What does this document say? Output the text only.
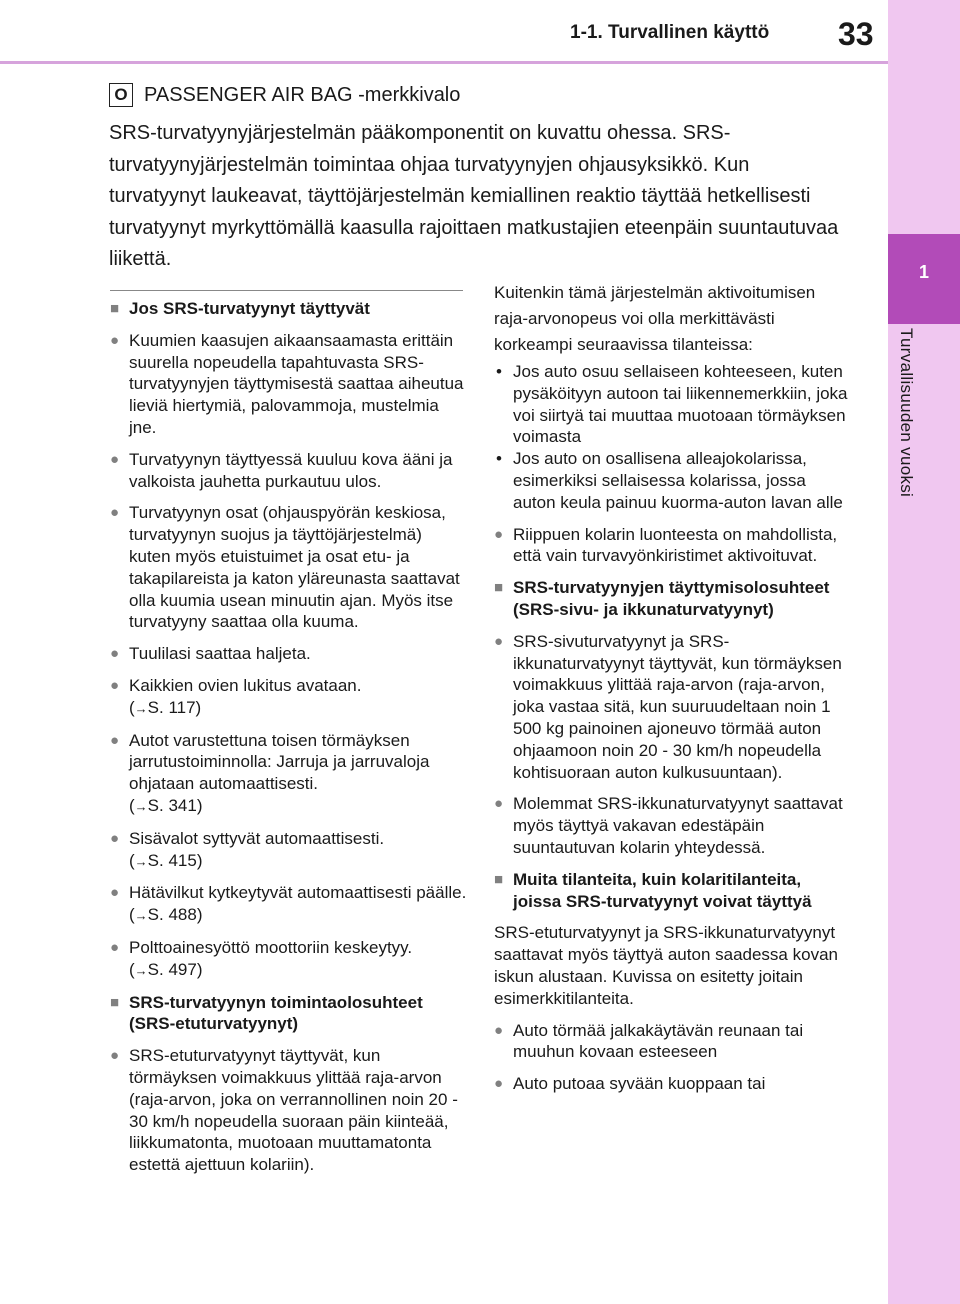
1-1. Turvallinen käyttö 33
1
Turvallisuuden vuoksi
O PASSENGER AIR BAG -merkkivalo

SRS-turvatyynyjärjestelmän pääkomponentit on kuvattu ohessa. SRS-turvatyynyjärjestelmän toimintaa ohjaa turvatyynyjen ohjausyksikkö. Kun turvatyynyt laukeavat, täyttöjärjestelmän kemiallinen reaktio täyttää hetkellisesti turvatyynyt myrkyttömällä kaasulla rajoittaen matkustajien eteenpäin suuntautuvaa liikettä.

■ Jos SRS-turvatyynyt täyttyvät
● Kuumien kaasujen aikaansaamasta erittäin suurella nopeudella tapahtuvasta SRS-turvatyynyjen täyttymisestä saattaa aiheutua lieviä hiertymiä, palovammoja, mustelmia jne.
● Turvatyynyn täyttyessä kuuluu kova ääni ja valkoista jauhetta purkautuu ulos.
● Turvatyynyn osat (ohjauspyörän keskiosa, turvatyynyn suojus ja täyttöjärjestelmä) kuten myös etuistuimet ja osat etu- ja takapilareista ja katon yläreunasta saattavat olla kuumia usean minuutin ajan. Myös itse turvatyyny saattaa olla kuuma.
● Tuulilasi saattaa haljeta.
● Kaikkien ovien lukitus avataan.
(→S. 117)
● Autot varustettuna toisen törmäyksen jarrutustoiminnolla: Jarruja ja jarruvaloja ohjataan automaattisesti.
(→S. 341)
● Sisävalot syttyvät automaattisesti.
(→S. 415)
● Hätävilkut kytkeytyvät automaattisesti päälle. (→S. 488)
● Polttoainesyöttö moottoriin keskeytyy.
(→S. 497)
■ SRS-turvatyynyn toimintaolosuhteet (SRS-etuturvatyynyt)
● SRS-etuturvatyynyt täyttyvät, kun törmäyksen voimakkuus ylittää raja-arvon (raja-arvon, joka on verrannollinen noin 20 - 30 km/h nopeudella suoraan päin kiinteää, liikkumatonta, muotoaan muuttamatonta estettä ajettuun kolariin).
Kuitenkin tämä järjestelmän aktivoitumisen raja-arvonopeus voi olla merkittävästi korkeampi seuraavissa tilanteissa:
• Jos auto osuu sellaiseen kohteeseen, kuten pysäköityyn autoon tai liikennemerkkiin, joka voi siirtyä tai muuttaa muotoaan törmäyksen voimasta
• Jos auto on osallisena alleajokolarissa, esimerkiksi sellaisessa kolarissa, jossa auton keula painuu kuorma-auton lavan alle
● Riippuen kolarin luonteesta on mahdollista, että vain turvavyönkiristimet aktivoituvat.
■ SRS-turvatyynyjen täyttymisolosuhteet (SRS-sivu- ja ikkunaturvatyynyt)
● SRS-sivuturvatyynyt ja SRS-ikkunaturvatyynyt täyttyvät, kun törmäyksen voimakkuus ylittää raja-arvon (raja-arvon, joka vastaa sitä, kun suuruudeltaan noin 1 500 kg painoinen ajoneuvo törmää auton ohjaamoon noin 20 - 30 km/h nopeudella kohtisuoraan auton kulkusuuntaan).
● Molemmat SRS-ikkunaturvatyynyt saattavat myös täyttyä vakavan edestäpäin suuntautuvan kolarin yhteydessä.
■ Muita tilanteita, kuin kolaritilanteita, joissa SRS-turvatyynyt voivat täyttyä
SRS-etuturvatyynyt ja SRS-ikkunaturvatyynyt saattavat myös täyttyä auton saadessa kovan iskun alustaan. Kuvissa on esitetty joitain esimerkkitilanteita.
● Auto törmää jalkakäytävän reunaan tai muuhun kovaan esteeseen
● Auto putoaa syvään kuoppaan tai
